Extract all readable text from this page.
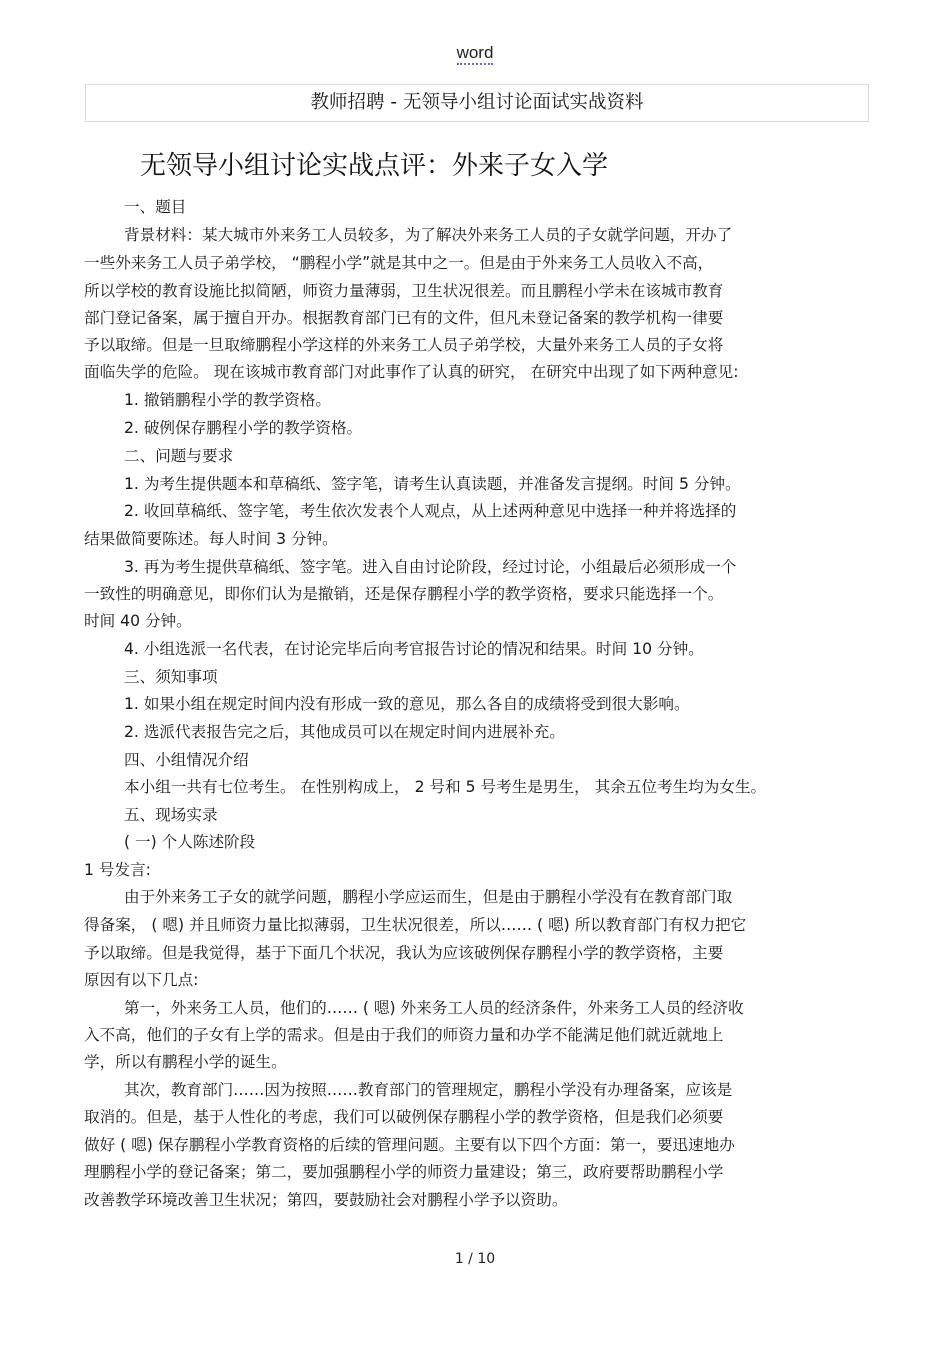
word
教师招聘 - 无领导小组讨论面试实战资料
无领导小组讨论实战点评：外来子女入学
一、题目
背景材料：某大城市外来务工人员较多，为了解决外来务工人员的子女就学问题，开办了
一些外来务工人员子弟学校， “鹏程小学ˮ就是其中之一。但是由于外来务工人员收入不高，
所以学校的教育设施比拟简陋，师资力量薄弱，卫生状况很差。而且鹏程小学未在该城市教育
部门登记备案，属于擅自开办。根据教育部门已有的文件，但凡未登记备案的教学机构一律要
予以取缔。但是一旦取缔鹏程小学这样的外来务工人员子弟学校，大量外来务工人员的子女将
面临失学的危险。 现在该城市教育部门对此事作了认真的研究， 在研究中出现了如下两种意见:
1. 撤销鹏程小学的教学资格。
2. 破例保存鹏程小学的教学资格。
二、问题与要求
1. 为考生提供题本和草稿纸、签字笔，请考生认真读题，并准备发言提纲。时间 5 分钟。
2. 收回草稿纸、签字笔，考生依次发表个人观点，从上述两种意见中选择一种并将选择的
结果做简要陈述。每人时间 3 分钟。
3. 再为考生提供草稿纸、签字笔。进入自由讨论阶段，经过讨论，小组最后必须形成一个
一致性的明确意见，即你们认为是撤销，还是保存鹏程小学的教学资格，要求只能选择一个。
时间 40 分钟。
4. 小组选派一名代表，在讨论完毕后向考官报告讨论的情况和结果。时间 10 分钟。
三、须知事项
1. 如果小组在规定时间内没有形成一致的意见，那么各自的成绩将受到很大影响。
2. 选派代表报告完之后，其他成员可以在规定时间内进展补充。
四、小组情况介绍
本小组一共有七位考生。 在性别构成上， 2 号和 5 号考生是男生， 其余五位考生均为女生。
五、现场实录
( 一) 个人陈述阶段
1 号发言:
由于外来务工子女的就学问题，鹏程小学应运而生，但是由于鹏程小学没有在教育部门取
得备案， ( 嗯) 并且师资力量比拟薄弱，卫生状况很差，所以…… ( 嗯) 所以教育部门有权力把它
予以取缔。但是我觉得，基于下面几个状况，我认为应该破例保存鹏程小学的教学资格，主要
原因有以下几点:
第一，外来务工人员，他们的…… ( 嗯) 外来务工人员的经济条件，外来务工人员的经济收
入不高，他们的子女有上学的需求。但是由于我们的师资力量和办学不能满足他们就近就地上
学，所以有鹏程小学的诞生。
其次，教育部门……因为按照……教育部门的管理规定，鹏程小学没有办理备案，应该是
取消的。但是，基于人性化的考虑，我们可以破例保存鹏程小学的教学资格，但是我们必须要
做好 ( 嗯) 保存鹏程小学教育资格的后续的管理问题。主要有以下四个方面：第一，要迅速地办
理鹏程小学的登记备案；第二，要加强鹏程小学的师资力量建设；第三，政府要帮助鹏程小学
改善教学环境改善卫生状况；第四，要鼓励社会对鹏程小学予以资助。
1 / 10
